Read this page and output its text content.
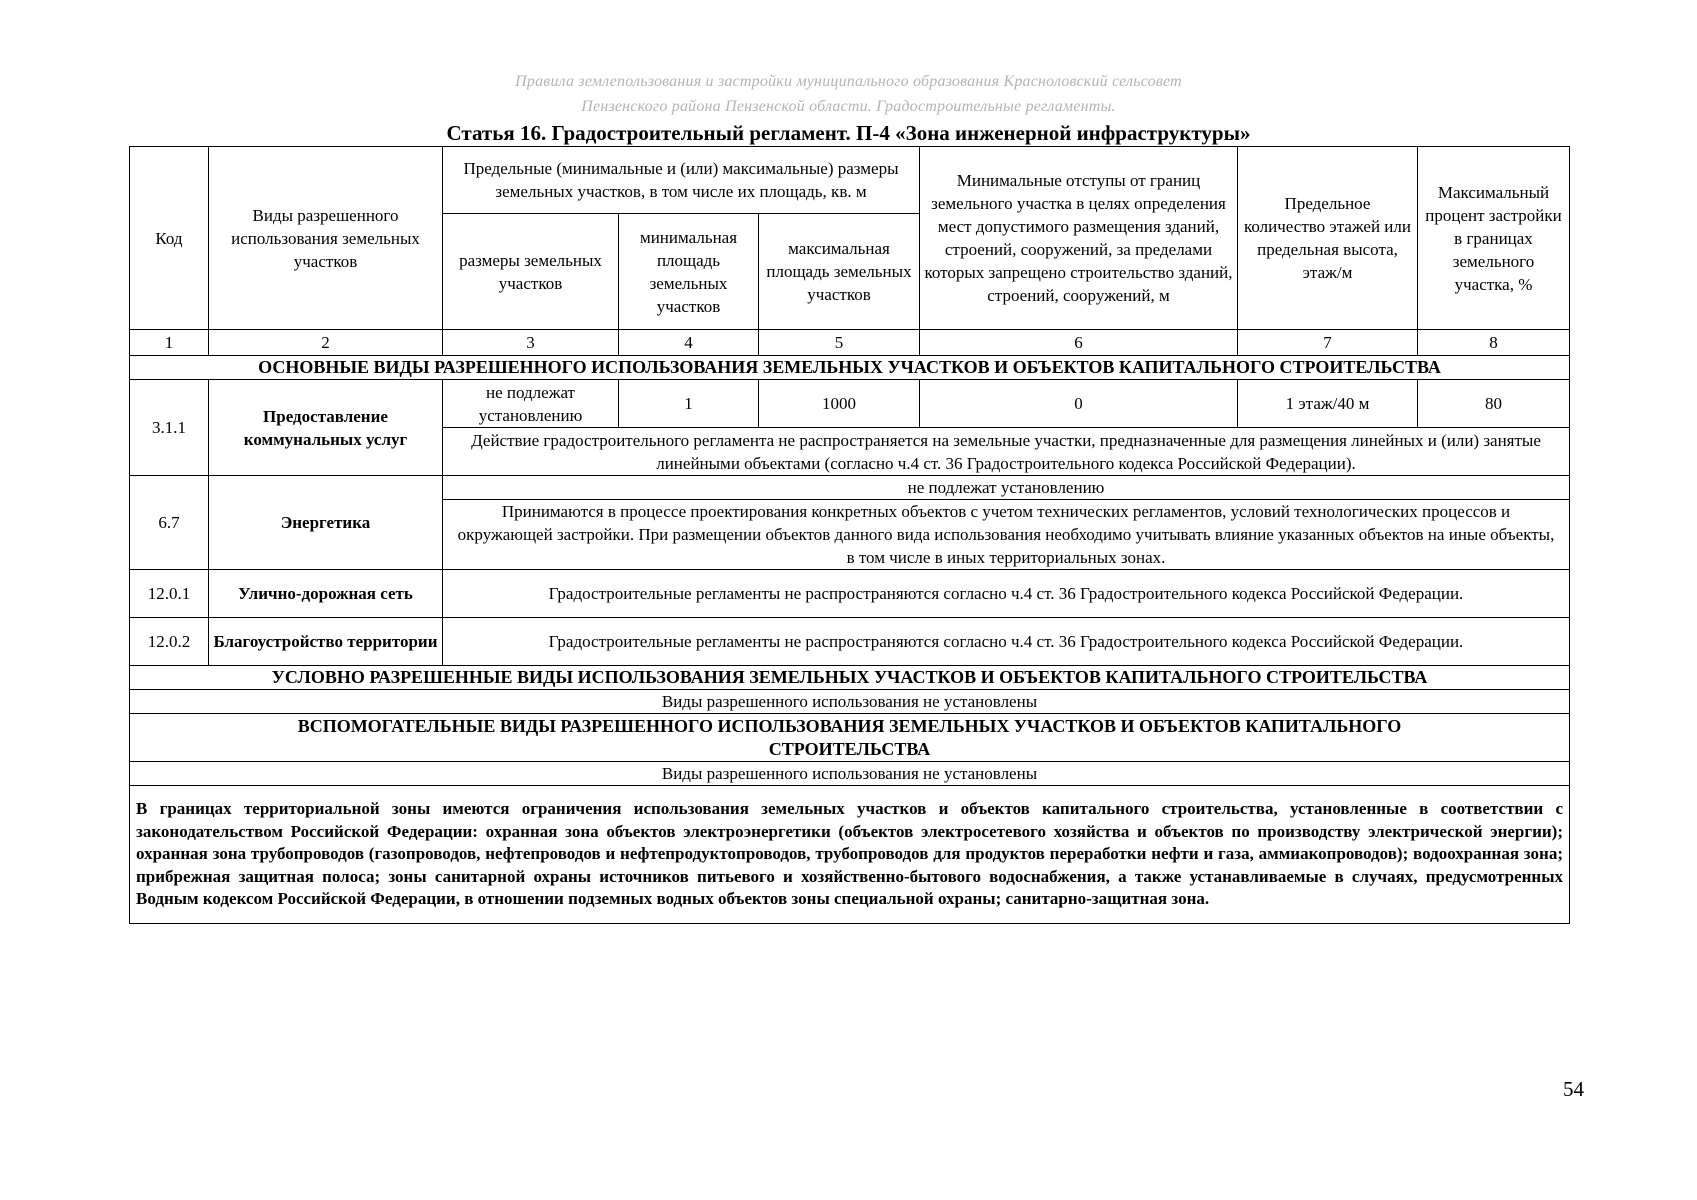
Правила землепользования и застройки муниципального образования Красноловский сельсовет
Пензенского района Пензенской области. Градостроительные регламенты.
Статья 16. Градостроительный регламент. П-4 «Зона инженерной инфраструктуры»
Код	Виды разрешенного использования земельных участков	Предельные (минимальные и (или) максимальные) размеры земельных участков, в том числе их площадь, кв. м			Минимальные отступы от границ земельного участка в целях определения мест допустимого размещения зданий, строений, сооружений, за пределами которых запрещено строительство зданий, строений, сооружений, м	Предельное количество этажей или предельная высота, этаж/м	Максимальный процент застройки в границах земельного участка, %
		размеры земельных участков	минимальная площадь земельных участков	максимальная площадь земельных участков			
1	2	3	4	5	6	7	8
ОСНОВНЫЕ ВИДЫ РАЗРЕШЕННОГО ИСПОЛЬЗОВАНИЯ ЗЕМЕЛЬНЫХ УЧАСТКОВ И ОБЪЕКТОВ КАПИТАЛЬНОГО СТРОИТЕЛЬСТВА							
3.1.1	Предоставление коммунальных услуг	не подлежат установлению	1	1000	0	1 этаж/40 м	80
		Действие градостроительного регламента не распространяется на земельные участки, предназначенные для размещения линейных и (или) занятые линейными объектами (согласно ч.4 ст. 36 Градостроительного кодекса Российской Федерации).					
6.7	Энергетика	не подлежат установлению					
		Принимаются в процессе проектирования конкретных объектов с учетом технических регламентов, условий технологических процессов и окружающей застройки. При размещении объектов данного вида использования необходимо учитывать влияние указанных объектов на иные объекты, в том числе в иных территориальных зонах.					
12.0.1	Улично-дорожная сеть	Градостроительные регламенты не распространяются согласно ч.4 ст. 36 Градостроительного кодекса Российской Федерации.					
12.0.2	Благоустройство территории	Градостроительные регламенты не распространяются согласно ч.4 ст. 36 Градостроительного кодекса Российской Федерации.					
УСЛОВНО РАЗРЕШЕННЫЕ ВИДЫ ИСПОЛЬЗОВАНИЯ ЗЕМЕЛЬНЫХ УЧАСТКОВ И ОБЪЕКТОВ КАПИТАЛЬНОГО СТРОИТЕЛЬСТВА							
Виды разрешенного использования не установлены							
ВСПОМОГАТЕЛЬНЫЕ ВИДЫ РАЗРЕШЕННОГО ИСПОЛЬЗОВАНИЯ ЗЕМЕЛЬНЫХ УЧАСТКОВ И ОБЪЕКТОВ КАПИТАЛЬНОГО СТРОИТЕЛЬСТВА							
Виды разрешенного использования не установлены							
В границах территориальной зоны имеются ограничения использования земельных участков и объектов капитального строительства, установленные в соответствии с законодательством Российской Федерации: охранная зона объектов электроэнергетики (объектов электросетевого хозяйства и объектов по производству электрической энергии); охранная зона трубопроводов (газопроводов, нефтепроводов и нефтепродуктопроводов, трубопроводов для продуктов переработки нефти и газа, аммиакопроводов); водоохранная зона; прибрежная защитная полоса; зоны санитарной охраны источников питьевого и хозяйственно-бытового водоснабжения, а также устанавливаемые в случаях, предусмотренных Водным кодексом Российской Федерации, в отношении подземных водных объектов зоны специальной охраны; санитарно-защитная зона.							
54
